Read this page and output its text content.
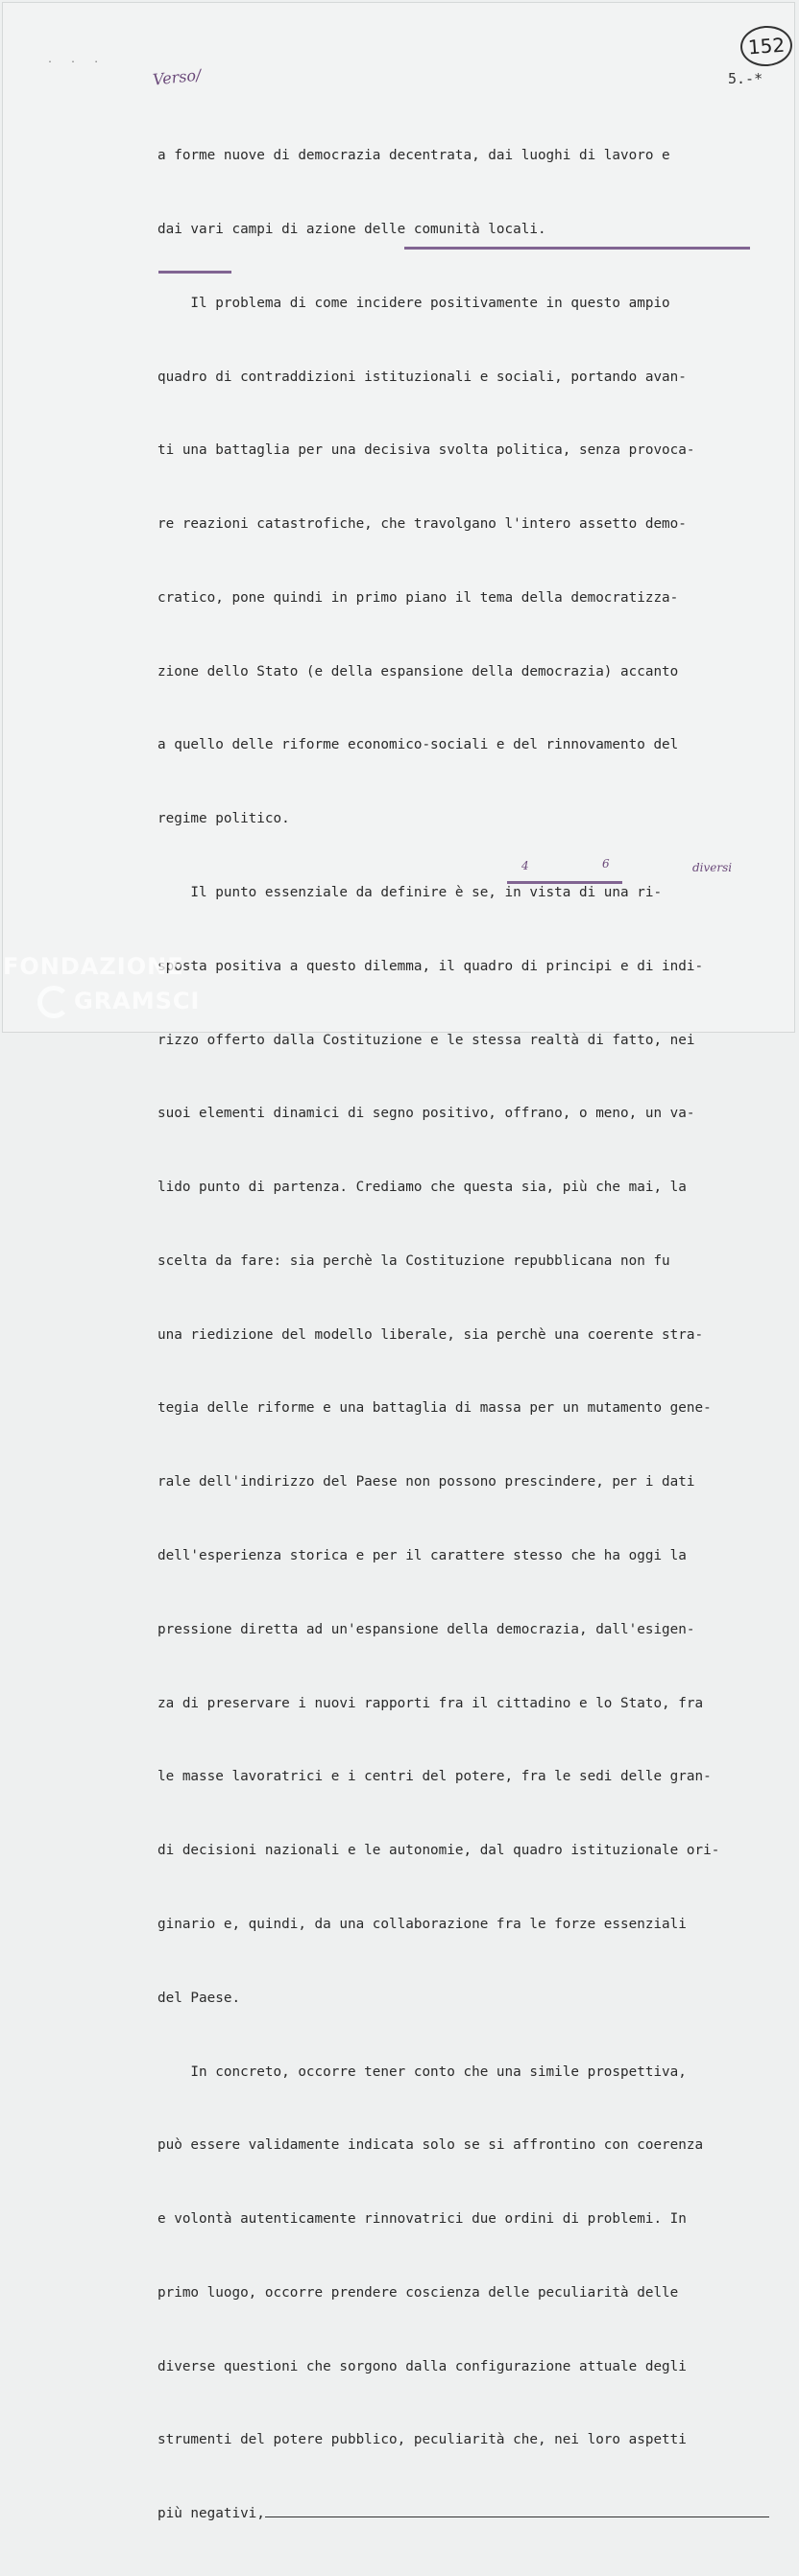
. . .
152
Verso/	5.-*

a forme nuove di democrazia decentrata, dai luoghi di lavoro e

dai vari campi di azione delle comunità locali.

Il problema di come incidere positivamente in questo ampio

quadro di contraddizioni istituzionali e sociali, portando avan-

ti una battaglia per una decisiva svolta politica, senza provoca-

re reazioni catastrofiche, che travolgano l'intero assetto demo-

cratico, pone quindi in primo piano il tema della democratizza-

zione dello Stato (e della espansione della democrazia) accanto

a quello delle riforme economico-sociali e del rinnovamento del

regime politico.

Il punto essenziale da definire è se, in vista di una ri-

sposta positiva a questo dilemma, il quadro di principi e di indi-

rizzo offerto dalla Costituzione e le stessa realtà di fatto, nei

suoi elementi dinamici di segno positivo, offrano, o meno, un va-

lido punto di partenza. Crediamo che questa sia, più che mai, la

scelta da fare: sia perchè la Costituzione repubblicana non fu

una riedizione del modello liberale, sia perchè una coerente stra-

tegia delle riforme e una battaglia di massa per un mutamento gene-

rale dell'indirizzo del Paese non possono prescindere, per i dati

dell'esperienza storica e per il carattere stesso che ha oggi la

pressione diretta ad un'espansione della democrazia, dall'esigen-

za di preservare i nuovi rapporti fra il cittadino e lo Stato, fra

le masse lavoratrici e i centri del potere, fra le sedi delle gran-

di decisioni nazionali e le autonomie, dal quadro istituzionale ori-

ginario e, quindi, da una collaborazione fra le forze essenziali

del Paese.

In concreto, occorre tener conto che una simile prospettiva,

può essere validamente indicata solo se si affrontino con coerenza

e volontà autenticamente rinnovatrici due ordini di problemi. In

primo luogo, occorre prendere coscienza delle peculiarità delle

diverse questioni che sorgono dalla configurazione attuale degli

strumenti del potere pubblico, peculiarità che, nei loro aspetti

più negativi,

4	6	diversi
FONDAZIONE
GRAMSCI
